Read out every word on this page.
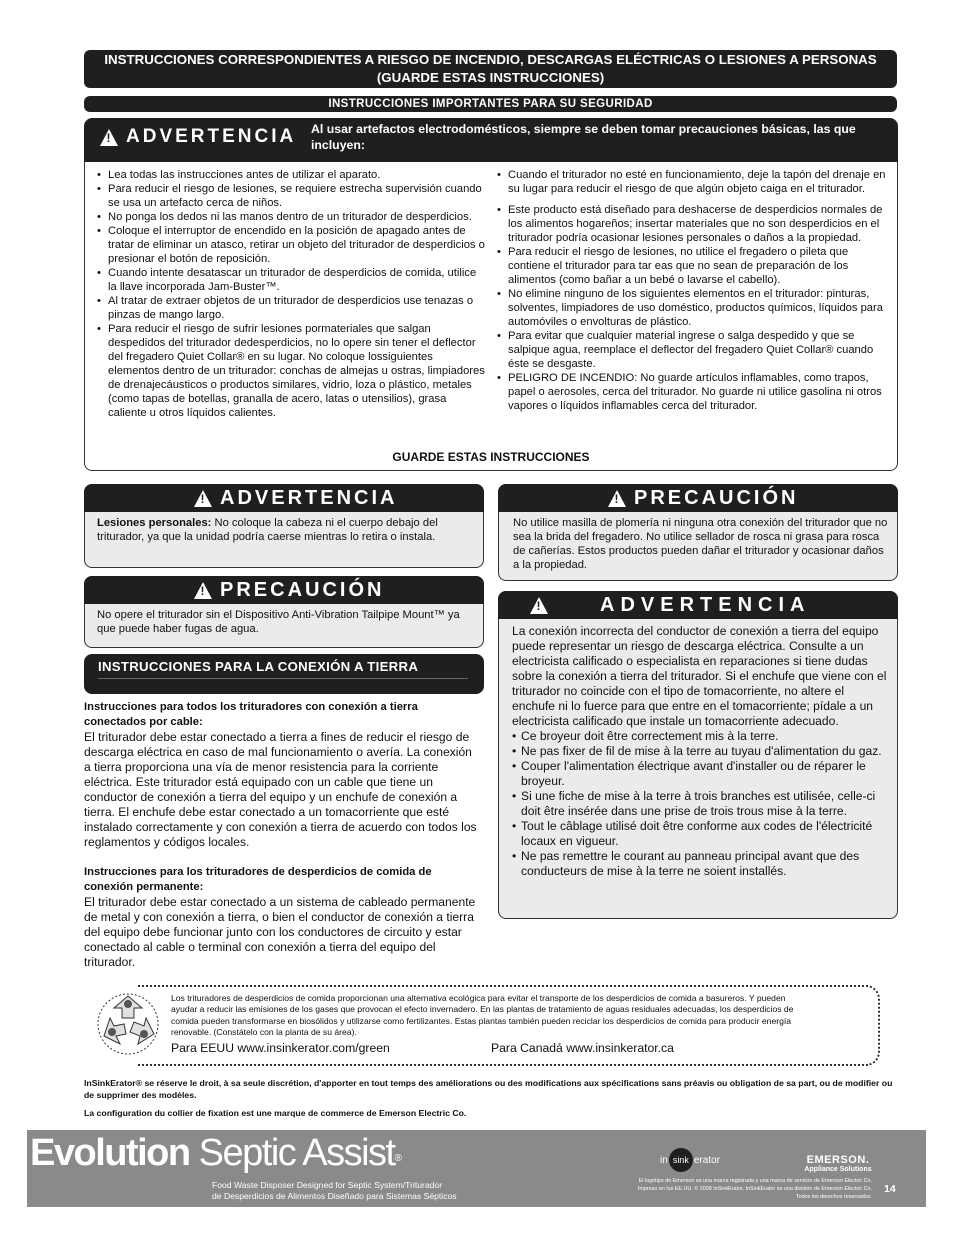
INSTRUCCIONES CORRESPONDIENTES A RIESGO DE INCENDIO, DESCARGAS ELÉCTRICAS O LESIONES A PERSONAS (GUARDE ESTAS INSTRUCCIONES)
INSTRUCCIONES IMPORTANTES PARA SU SEGURIDAD
!
ADVERTENCIA Al usar artefactos electrodomésticos, siempre se deben tomar precauciones básicas, las que incluyen:
• Lea todas las instrucciones antes de utilizar el aparato.
• Para reducir el riesgo de lesiones, se requiere estrecha supervisión cuando se usa un artefacto cerca de niños.
• No ponga los dedos ni las manos dentro de un triturador de desperdicios.
• Coloque el interruptor de encendido en la posición de apagado antes de tratar de eliminar un atasco, retirar un objeto del triturador de desperdicios o presionar el botón de reposición.
• Cuando intente desatascar un triturador de desperdicios de comida, utilice la llave incorporada Jam-Buster™.
• Al tratar de extraer objetos de un triturador de desperdicios use tenazas o pinzas de mango largo.
• Para reducir el riesgo de sufrir lesiones pormateriales que salgan despedidos del triturador dedesperdicios, no lo opere sin tener el deflector del fregadero Quiet Collar® en su lugar. No coloque lossiguientes elementos dentro de un triturador: conchas de almejas u ostras, limpiadores de drenajecáusticos o productos similares, vidrio, loza o plástico, metales (como tapas de botellas, granalla de acero, latas o utensilios), grasa caliente u otros líquidos calientes.
• Cuando el triturador no esté en funcionamiento, deje la tapón del drenaje en su lugar para reducir el riesgo de que algún objeto caiga en el triturador.
• Este producto está diseñado para deshacerse de desperdicios normales de los alimentos hogareños; insertar materiales que no son desperdicios en el triturador podría ocasionar lesiones personales o daños a la propiedad.
• Para reducir el riesgo de lesiones, no utilice el fregadero o pileta que contiene el triturador para tar eas que no sean de preparación de los alimentos (como bañar a un bebé o lavarse el cabello).
• No elimine ninguno de los siguientes elementos en el triturador: pinturas, solventes, limpiadores de uso doméstico, productos químicos, líquidos para automóviles o envolturas de plástico.
• Para evitar que cualquier material ingrese o salga despedido y que se salpique agua, reemplace el deflector del fregadero Quiet Collar® cuando éste se desgaste.
• PELIGRO DE INCENDIO: No guarde artículos inflamables, como trapos, papel o aerosoles, cerca del triturador. No guarde ni utilice gasolina ni otros vapores o líquidos inflamables cerca del triturador.
GUARDE ESTAS INSTRUCCIONES
!
ADVERTENCIA
Lesiones personales: No coloque la cabeza ni el cuerpo debajo del triturador, ya que la unidad podría caerse mientras lo retira o instala.
!
PRECAUCIÓN
No utilice masilla de plomería ni ninguna otra conexión del triturador que no sea la brida del fregadero. No utilice sellador de rosca ni grasa para rosca de cañerías. Estos productos pueden dañar el triturador y ocasionar daños a la propiedad.
!
PRECAUCIÓN
No opere el triturador sin el Dispositivo Anti-Vibration Tailpipe Mount™ ya que puede haber fugas de agua.
INSTRUCCIONES PARA LA CONEXIÓN A TIERRA
Instrucciones para todos los trituradores con conexión a tierra conectados por cable:
El triturador debe estar conectado a tierra a fines de reducir el riesgo de descarga eléctrica en caso de mal funcionamiento o avería. La conexión a tierra proporciona una vía de menor resistencia para la corriente eléctrica. Este triturador está equipado con un cable que tiene un conductor de conexión a tierra del equipo y un enchufe de conexión a tierra. El enchufe debe estar conectado a un tomacorriente que esté instalado correctamente y con conexión a tierra de acuerdo con todos los reglamentos y códigos locales.
Instrucciones para los trituradores de desperdicios de comida de conexión permanente:
El triturador debe estar conectado a un sistema de cableado permanente de metal y con conexión a tierra, o bien el conductor de conexión a tierra del equipo debe funcionar junto con los conductores de circuito y estar conectado al cable o terminal con conexión a tierra del equipo del triturador.
!
ADVERTENCIA
La conexión incorrecta del conductor de conexión a tierra del equipo puede representar un riesgo de descarga eléctrica. Consulte a un electricista calificado o especialista en reparaciones si tiene dudas sobre la conexión a tierra del triturador. Si el enchufe que viene con el triturador no coincide con el tipo de tomacorriente, no altere el enchufe ni lo fuerce para que entre en el tomacorriente; pídale a un electricista calificado que instale un tomacorriente adecuado.
• Ce broyeur doit être correctement mis à la terre.
• Ne pas fixer de fil de mise à la terre au tuyau d'alimentation du gaz.
• Couper l'alimentation électrique avant d'installer ou de réparer le broyeur.
• Si une fiche de mise à la terre à trois branches est utilisée, celle-ci doit être insérée dans une prise de trois trous mise à la terre.
• Tout le câblage utilisé doit être conforme aux codes de l'électricité locaux en vigueur.
• Ne pas remettre le courant au panneau principal avant que des conducteurs de mise à la terre ne soient installés.
Los trituradores de desperdicios de comida proporcionan una alternativa ecológica para evitar el transporte de los desperdicios de comida a basureros. Y pueden ayudar a reducir las emisiones de los gases que provocan el efecto invernadero. En las plantas de tratamiento de aguas residuales adecuadas, los desperdicios de comida pueden transformarse en biosólidos y utilizarse como fertilizantes. Estas plantas también pueden reciclar los desperdicios de comida para producir energía renovable. (Constátelo con la planta de su área).
Para EEUU www.insinkerator.com/green	Para Canadá www.insinkerator.ca
InSinkErator® se réserve le droit, à sa seule discrétion, d'apporter en tout temps des améliorations ou des modifications aux spécifications sans préavis ou obligation de sa part, ou de modifier ou de supprimer des modèles.
La configuration du collier de fixation est une marque de commerce de Emerson Electric Co.
Evolution Septic Assist®
Food Waste Disposer Designed for Septic System/Triturador
de Desperdicios de Alimentos Diseñado para Sistemas Sépticos
in sink erator
El logotipo de Emerson es una marca registrada y una marca de servicio de Emerson Electric Co.
Impreso en los EE.UU. © 2008 InSinkErator, InSinkErator es una división de Emerson Electric Co.
Todos los derechos reservados.
EMERSON.
Appliance Solutions
14
